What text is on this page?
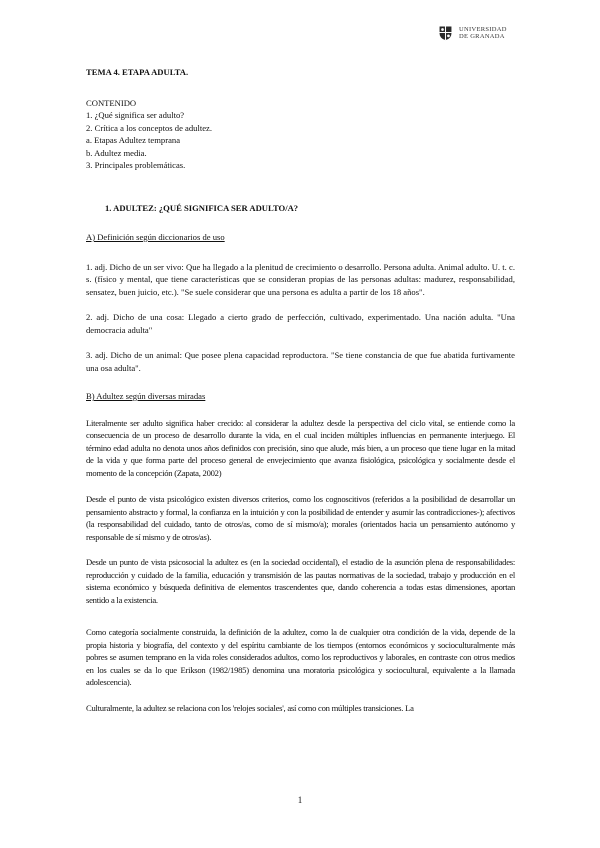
UNIVERSIDAD
DE GRANADA
TEMA 4. ETAPA ADULTA.
CONTENIDO
1. ¿Qué significa ser adulto?
2. Crítica a los conceptos de adultez.
a. Etapas Adultez temprana
b. Adultez media.
3. Principales problemáticas.
1. ADULTEZ: ¿QUÉ SIGNIFICA SER ADULTO/A?
A) Definición según diccionarios de uso

1. adj. Dicho de un ser vivo: Que ha llegado a la plenitud de crecimiento o desarrollo. Persona adulta. Animal adulto. U. t. c. s. (físico y mental, que tiene características que se consideran propias de las personas adultas: madurez, responsabilidad, sensatez, buen juicio, etc.). "Se suele considerar que una persona es adulta a partir de los 18 años".

2. adj. Dicho de una cosa: Llegado a cierto grado de perfección, cultivado, experimentado. Una nación adulta. "Una democracia adulta"

3. adj. Dicho de un animal: Que posee plena capacidad reproductora. "Se tiene constancia de que fue abatida furtivamente una osa adulta".

B) Adultez según diversas miradas

Literalmente ser adulto significa haber crecido: al considerar la adultez desde la perspectiva del ciclo vital, se entiende como la consecuencia de un proceso de desarrollo durante la vida, en el cual inciden múltiples influencias en permanente interjuego. El término edad adulta no denota unos años definidos con precisión, sino que alude, más bien, a un proceso que tiene lugar en la mitad de la vida y que forma parte del proceso general de envejecimiento que avanza fisiológica, psicológica y socialmente desde el momento de la concepción (Zapata, 2002)

Desde el punto de vista psicológico existen diversos criterios, como los cognoscitivos (referidos a la posibilidad de desarrollar un pensamiento abstracto y formal, la confianza en la intuición y con la posibilidad de entender y asumir las contradicciones-); afectivos (la responsabilidad del cuidado, tanto de otros/as, como de sí mismo/a); morales (orientados hacia un pensamiento autónomo y responsable de sí mismo y de otros/as).

Desde un punto de vista psicosocial la adultez es (en la sociedad occidental), el estadio de la asunción plena de responsabilidades: reproducción y cuidado de la familia, educación y transmisión de las pautas normativas de la sociedad, trabajo y producción en el sistema económico y búsqueda definitiva de elementos trascendentes que, dando coherencia a todas estas dimensiones, aportan sentido a la existencia.

Como categoría socialmente construida, la definición de la adultez, como la de cualquier otra condición de la vida, depende de la propia historia y biografía, del contexto y del espíritu cambiante de los tiempos (entornos económicos y socioculturalmente más pobres se asumen temprano en la vida roles considerados adultos, como los reproductivos y laborales, en contraste con otros medios en los cuales se da lo que Erikson (1982/1985) denomina una moratoria psicológica y sociocultural, equivalente a la llamada adolescencia).

Culturalmente, la adultez se relaciona con los 'relojes sociales', así como con múltiples transiciones. La

1
